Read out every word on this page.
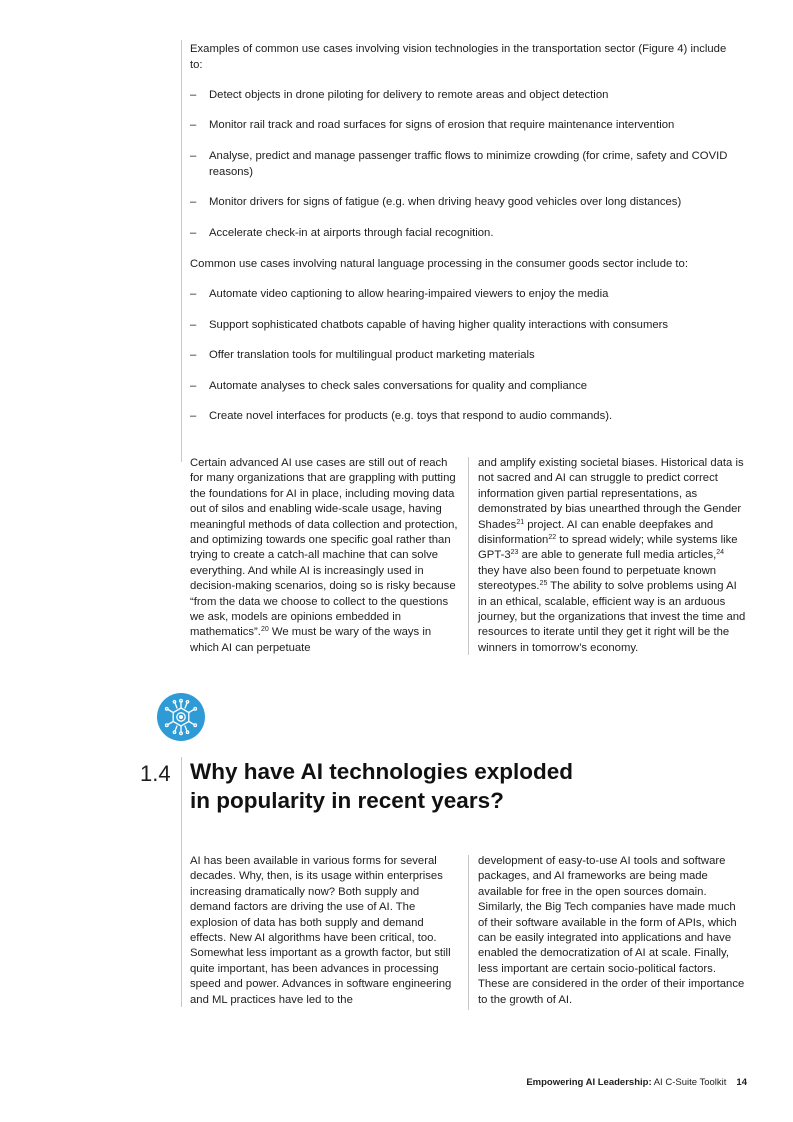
Examples of common use cases involving vision technologies in the transportation sector (Figure 4) include to:
– Detect objects in drone piloting for delivery to remote areas and object detection
– Monitor rail track and road surfaces for signs of erosion that require maintenance intervention
– Analyse, predict and manage passenger traffic flows to minimize crowding (for crime, safety and COVID reasons)
– Monitor drivers for signs of fatigue (e.g. when driving heavy good vehicles over long distances)
– Accelerate check-in at airports through facial recognition.
Common use cases involving natural language processing in the consumer goods sector include to:
– Automate video captioning to allow hearing-impaired viewers to enjoy the media
– Support sophisticated chatbots capable of having higher quality interactions with consumers
– Offer translation tools for multilingual product marketing materials
– Automate analyses to check sales conversations for quality and compliance
– Create novel interfaces for products (e.g. toys that respond to audio commands).
Certain advanced AI use cases are still out of reach for many organizations that are grappling with putting the foundations for AI in place, including moving data out of silos and enabling wide-scale usage, having meaningful methods of data collection and protection, and optimizing towards one specific goal rather than trying to create a catch-all machine that can solve everything. And while AI is increasingly used in decision-making scenarios, doing so is risky because “from the data we choose to collect to the questions we ask, models are opinions embedded in mathematics”.$^{20}$ We must be wary of the ways in which AI can perpetuate
and amplify existing societal biases. Historical data is not sacred and AI can struggle to predict correct information given partial representations, as demonstrated by bias unearthed through the Gender Shades$^{21}$ project. AI can enable deepfakes and disinformation$^{22}$ to spread widely; while systems like GPT-$3^{23}$ are able to generate full media articles,$^{24}$ they have also been found to perpetuate known stereotypes.$^{25}$ The ability to solve problems using AI in an ethical, scalable, efficient way is an arduous journey, but the organizations that invest the time and resources to iterate until they get it right will be the winners in tomorrow’s economy.
1.4 Why have AI technologies exploded
in popularity in recent years?
AI has been available in various forms for several decades. Why, then, is its usage within enterprises increasing dramatically now? Both supply and demand factors are driving the use of AI. The explosion of data has both supply and demand effects. New AI algorithms have been critical, too. Somewhat less important as a growth factor, but still quite important, has been advances in processing speed and power. Advances in software engineering and ML practices have led to the
development of easy-to-use AI tools and software packages, and AI frameworks are being made available for free in the open sources domain. Similarly, the Big Tech companies have made much of their software available in the form of APIs, which can be easily integrated into applications and have enabled the democratization of AI at scale. Finally, less important are certain socio-political factors. These are considered in the order of their importance to the growth of AI.
Empowering AI Leadership: AI C-Suite Toolkit 14
